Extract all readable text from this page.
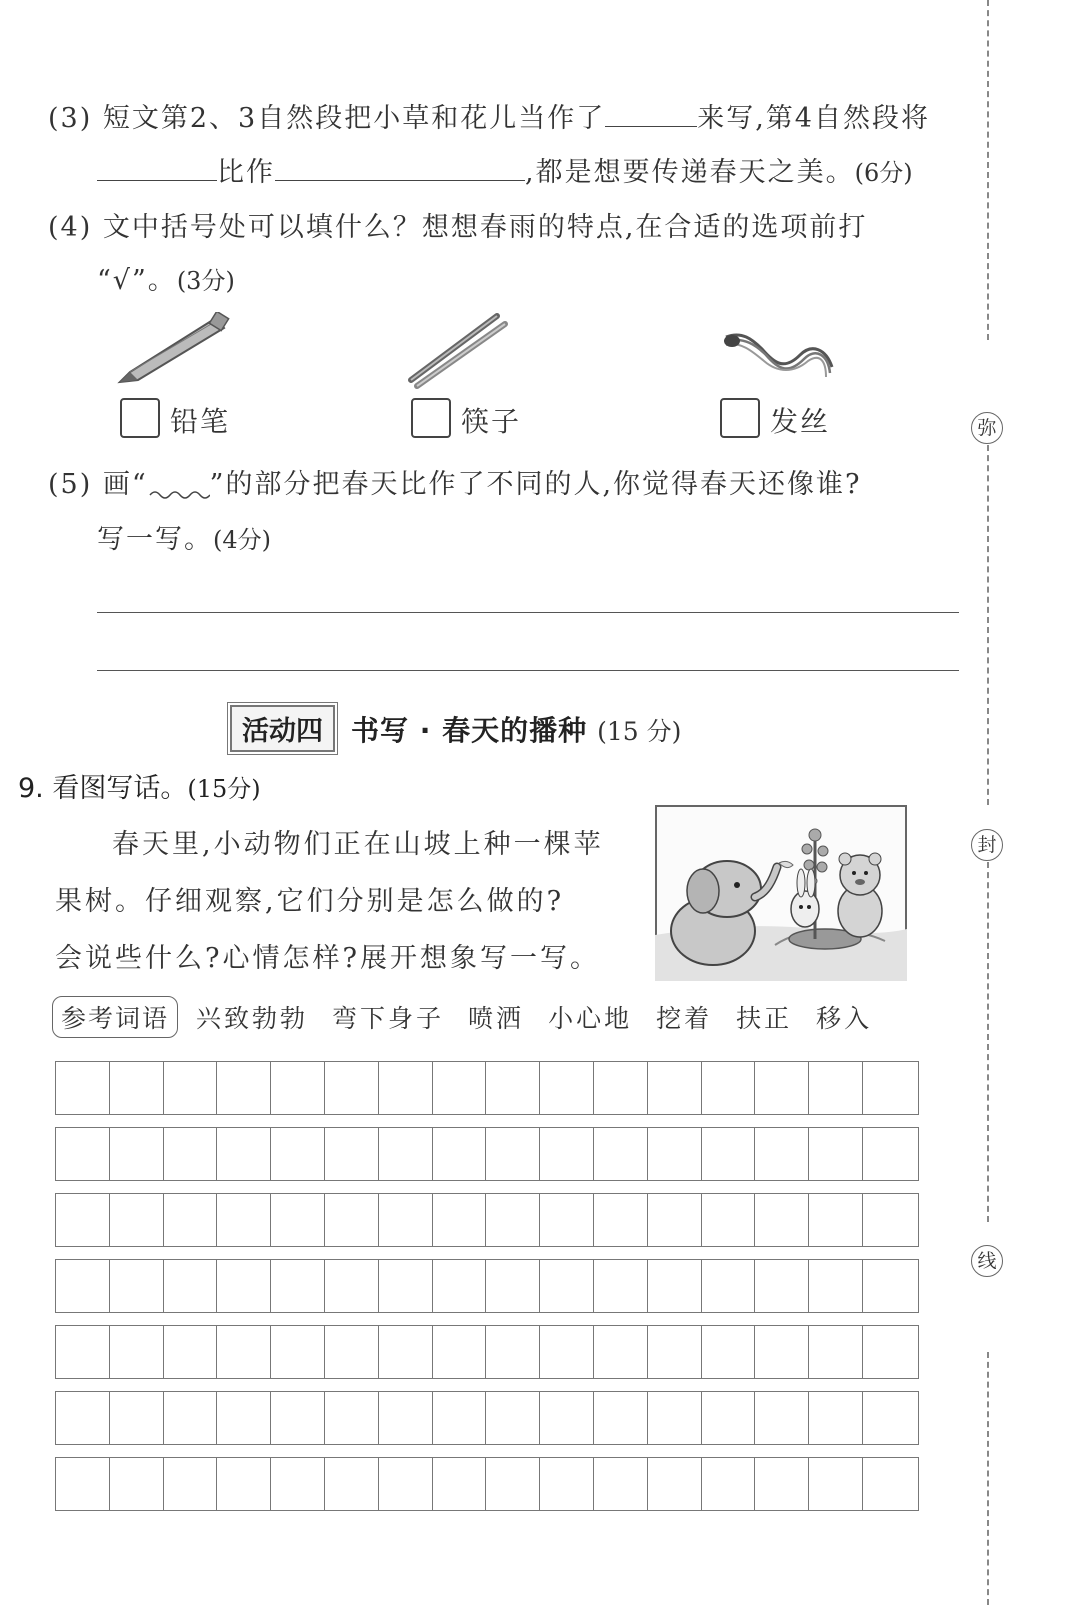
(3) 短文第2、3自然段把小草和花儿当作了	来写,第4自然段将
比作	,都是想要传递春天之美。(6分)
(4) 文中括号处可以填什么？想想春雨的特点,在合适的选项前打
“√”。(3分)
铅笔	筷子	发丝
(5) 画“ ”的部分把春天比作了不同的人,你觉得春天还像谁?
写一写。(4分)
活动四 书写 · 春天的播种 (15 分)
9. 看图写话。(15分)
春天里,小动物们正在山坡上种一棵苹
果树。仔细观察,它们分别是怎么做的?
会说些什么?心情怎样?展开想象写一写。
参考词语 兴致勃勃 弯下身子 喷洒 小心地 挖着 扶正 移入
弥
封
线
